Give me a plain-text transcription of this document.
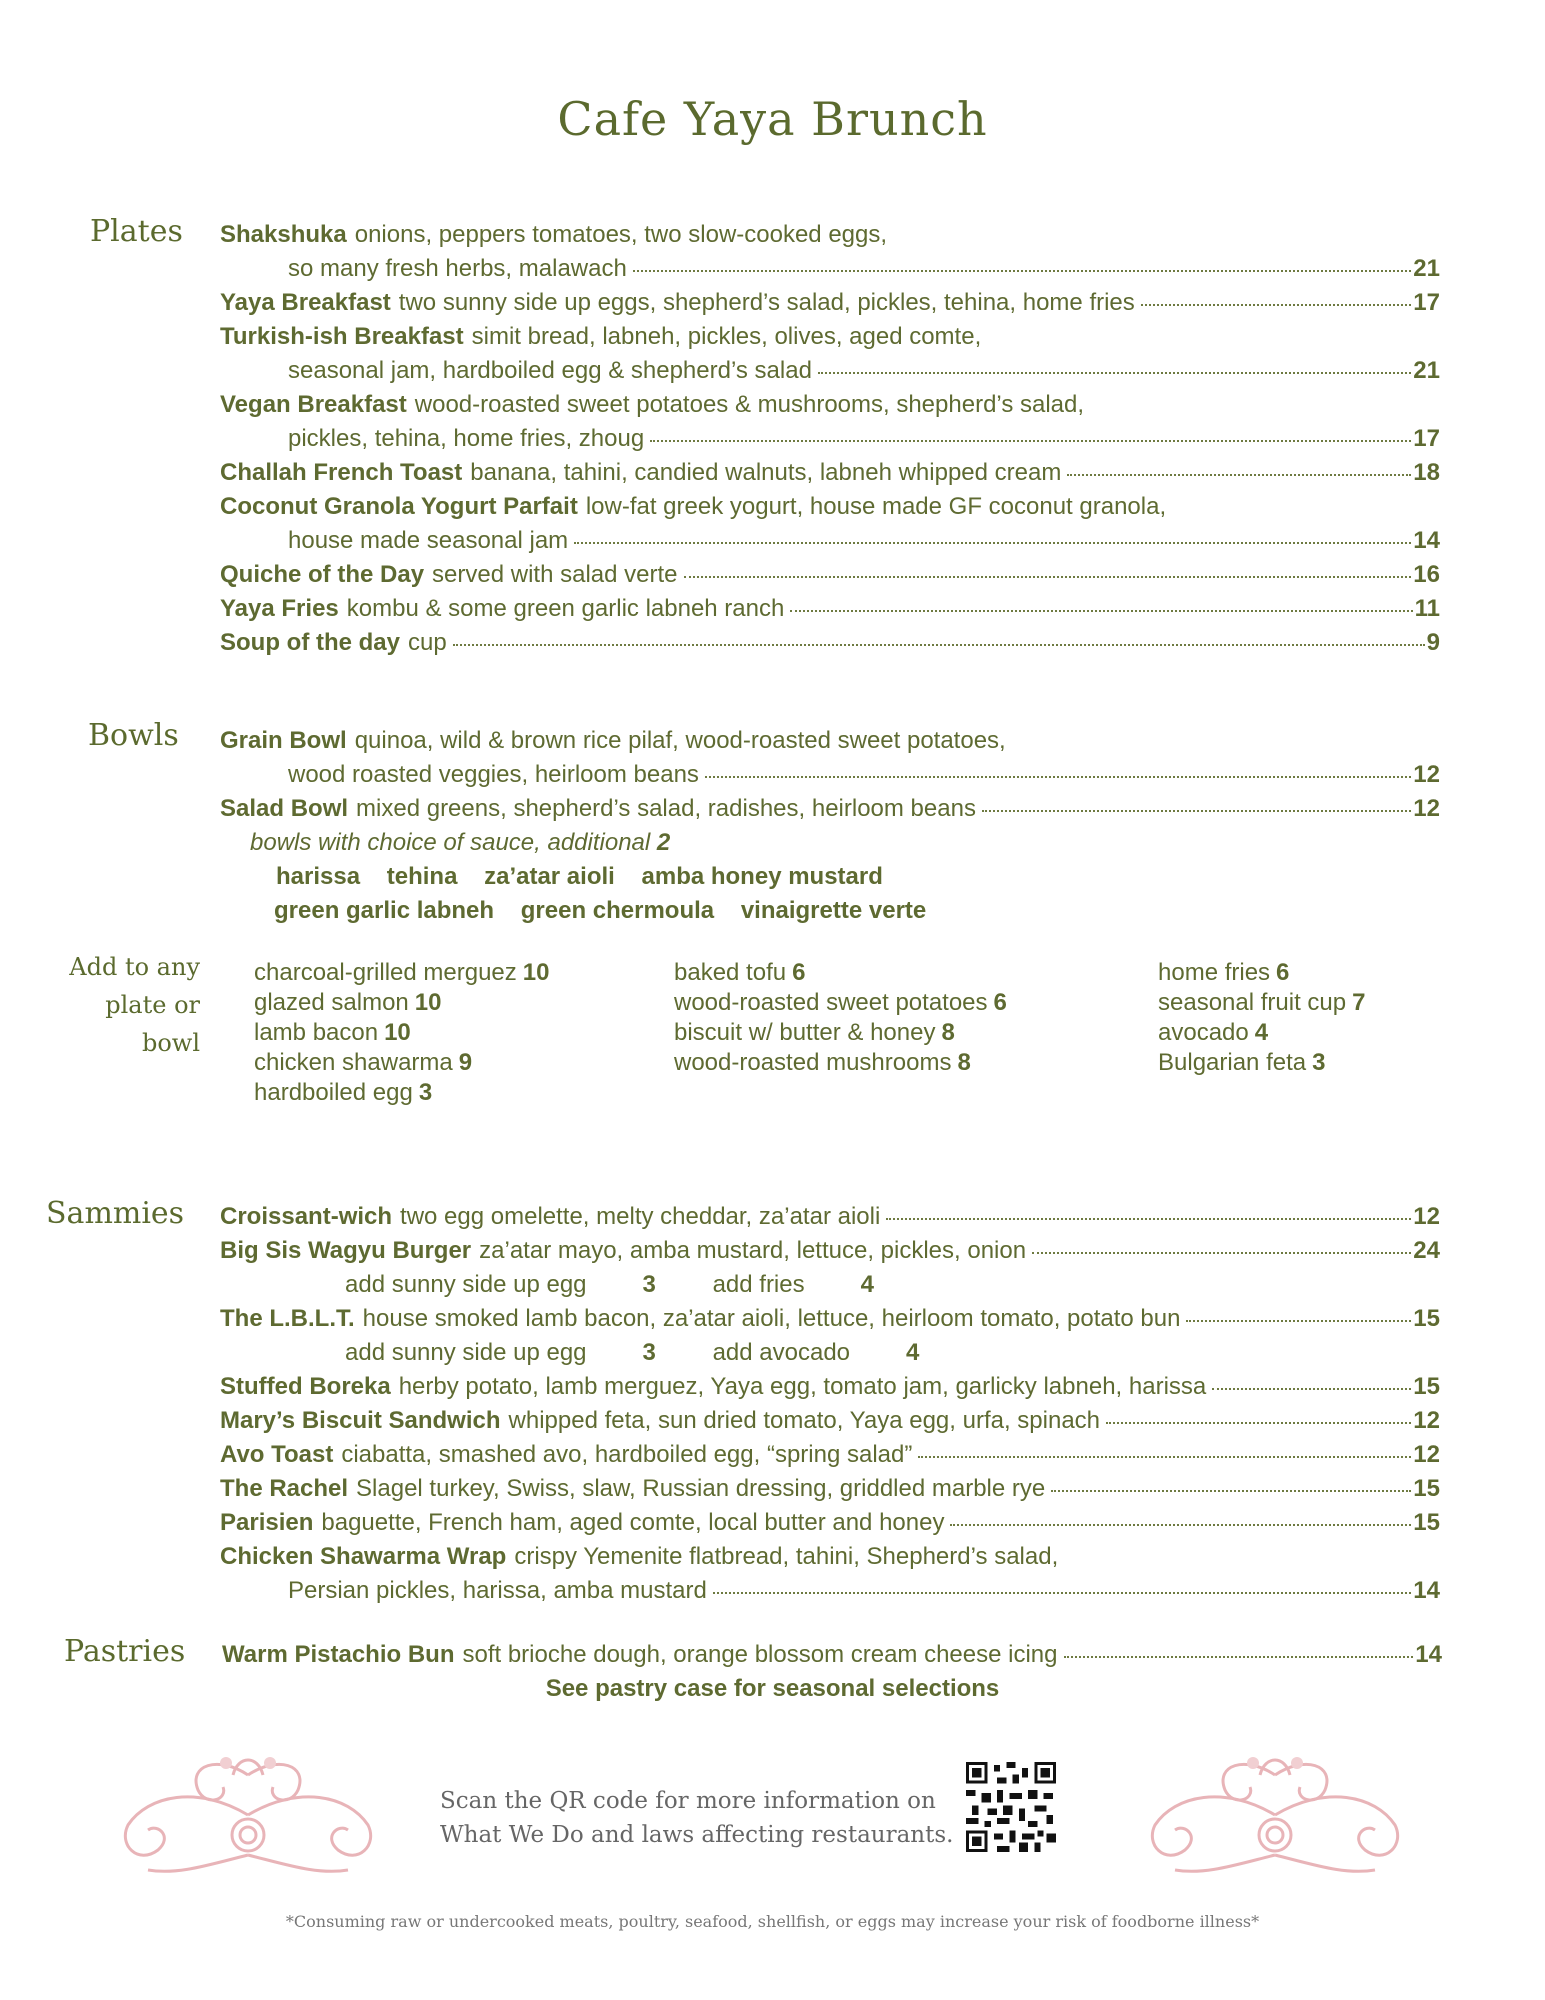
Cafe Yaya Brunch
Plates
Bowls
Add to any plate or bowl
Sammies
Pastries
Shakshuka onions, peppers tomatoes, two slow-cooked eggs,
so many fresh herbs, malawach	21
Yaya Breakfast two sunny side up eggs, shepherd’s salad, pickles, tehina, home fries	17
Turkish-ish Breakfast simit bread, labneh, pickles, olives, aged comte,
seasonal jam, hardboiled egg & shepherd’s salad	21
Vegan Breakfast wood-roasted sweet potatoes & mushrooms, shepherd’s salad,
pickles, tehina, home fries, zhoug	17
Challah French Toast banana, tahini, candied walnuts, labneh whipped cream	18
Coconut Granola Yogurt Parfait low-fat greek yogurt, house made GF coconut granola,
house made seasonal jam	14
Quiche of the Day served with salad verte	16
Yaya Fries kombu & some green garlic labneh ranch	11
Soup of the day cup	9
Grain Bowl quinoa, wild & brown rice pilaf, wood-roasted sweet potatoes,
wood roasted veggies, heirloom beans	12
Salad Bowl mixed greens, shepherd’s salad, radishes, heirloom beans	12
bowls with choice of sauce, additional 2
harissa tehina za’atar aioli amba honey mustard
green garlic labneh green chermoula vinaigrette verte
charcoal-grilled merguez 10
glazed salmon 10
lamb bacon 10
chicken shawarma 9
hardboiled egg 3
baked tofu 6
wood-roasted sweet potatoes 6
biscuit w/ butter & honey 8
wood-roasted mushrooms 8
home fries 6
seasonal fruit cup 7
avocado 4
Bulgarian feta 3
Croissant-wich two egg omelette, melty cheddar, za’atar aioli	12
Big Sis Wagyu Burger za’atar mayo, amba mustard, lettuce, pickles, onion	24
add sunny side up egg 3 add fries 4
The L.B.L.T. house smoked lamb bacon, za’atar aioli, lettuce, heirloom tomato, potato bun	15
add sunny side up egg 3 add avocado 4
Stuffed Boreka herby potato, lamb merguez, Yaya egg, tomato jam, garlicky labneh, harissa	15
Mary’s Biscuit Sandwich whipped feta, sun dried tomato, Yaya egg, urfa, spinach	12
Avo Toast ciabatta, smashed avo, hardboiled egg, “spring salad”	12
The Rachel Slagel turkey, Swiss, slaw, Russian dressing, griddled marble rye	15
Parisien baguette, French ham, aged comte, local butter and honey	15
Chicken Shawarma Wrap crispy Yemenite flatbread, tahini, Shepherd’s salad,
Persian pickles, harissa, amba mustard	14
Warm Pistachio Bun soft brioche dough, orange blossom cream cheese icing	14
See pastry case for seasonal selections
Scan the QR code for more information on
What We Do and laws affecting restaurants.
*Consuming raw or undercooked meats, poultry, seafood, shellfish, or eggs may increase your risk of foodborne illness*
